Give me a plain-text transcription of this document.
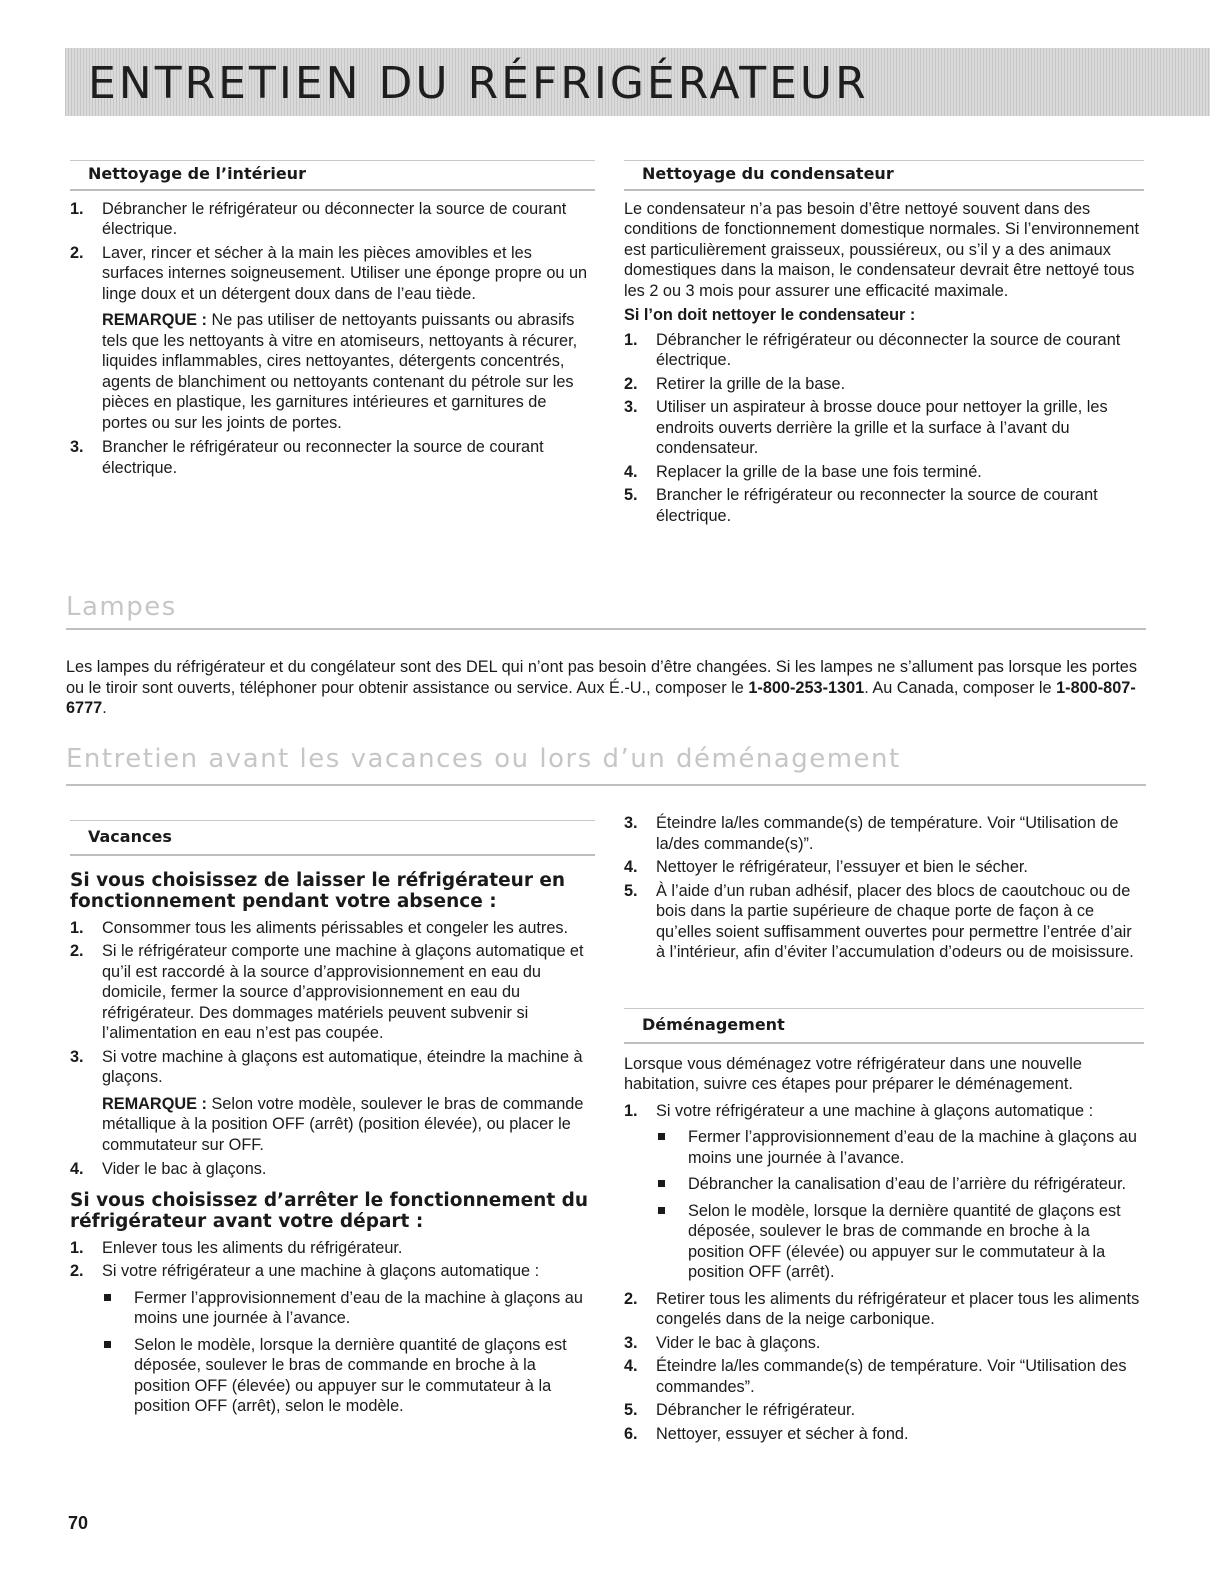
ENTRETIEN DU RÉFRIGÉRATEUR
Nettoyage de l’intérieur
1. Débrancher le réfrigérateur ou déconnecter la source de courant électrique.
2. Laver, rincer et sécher à la main les pièces amovibles et les surfaces internes soigneusement. Utiliser une éponge propre ou un linge doux et un détergent doux dans de l’eau tiède.

REMARQUE : Ne pas utiliser de nettoyants puissants ou abrasifs tels que les nettoyants à vitre en atomiseurs, nettoyants à récurer, liquides inflammables, cires nettoyantes, détergents concentrés, agents de blanchiment ou nettoyants contenant du pétrole sur les pièces en plastique, les garnitures intérieures et garnitures de portes ou sur les joints de portes.

3. Brancher le réfrigérateur ou reconnecter la source de courant électrique.
Nettoyage du condensateur

Le condensateur n’a pas besoin d’être nettoyé souvent dans des conditions de fonctionnement domestique normales. Si l’environnement est particulièrement graisseux, poussiéreux, ou s’il y a des animaux domestiques dans la maison, le condensateur devrait être nettoyé tous les 2 ou 3 mois pour assurer une efficacité maximale.

Si l’on doit nettoyer le condensateur :

1. Débrancher le réfrigérateur ou déconnecter la source de courant électrique.
2. Retirer la grille de la base.
3. Utiliser un aspirateur à brosse douce pour nettoyer la grille, les endroits ouverts derrière la grille et la surface à l’avant du condensateur.
4. Replacer la grille de la base une fois terminé.
5. Brancher le réfrigérateur ou reconnecter la source de courant électrique.
Lampes
Les lampes du réfrigérateur et du congélateur sont des DEL qui n’ont pas besoin d’être changées. Si les lampes ne s’allument pas lorsque les portes ou le tiroir sont ouverts, téléphoner pour obtenir assistance ou service. Aux É.-U., composer le 1-800-253-1301. Au Canada, composer le 1-800-807-6777.
Entretien avant les vacances ou lors d’un déménagement
Vacances
Si vous choisissez de laisser le réfrigérateur en fonctionnement pendant votre absence :
1. Consommer tous les aliments périssables et congeler les autres.
2. Si le réfrigérateur comporte une machine à glaçons automatique et qu’il est raccordé à la source d’approvisionnement en eau du domicile, fermer la source d’approvisionnement en eau du réfrigérateur. Des dommages matériels peuvent subvenir si l’alimentation en eau n’est pas coupée.
3. Si votre machine à glaçons est automatique, éteindre la machine à glaçons.

REMARQUE : Selon votre modèle, soulever le bras de commande métallique à la position OFF (arrêt) (position élevée), ou placer le commutateur sur OFF.

4. Vider le bac à glaçons.
Si vous choisissez d’arrêter le fonctionnement du réfrigérateur avant votre départ :
1. Enlever tous les aliments du réfrigérateur.
2. Si votre réfrigérateur a une machine à glaçons automatique :
Fermer l’approvisionnement d’eau de la machine à glaçons au moins une journée à l’avance.
Selon le modèle, lorsque la dernière quantité de glaçons est déposée, soulever le bras de commande en broche à la position OFF (élevée) ou appuyer sur le commutateur à la position OFF (arrêt), selon le modèle.
3. Éteindre la/les commande(s) de température. Voir “Utilisation de la/des commande(s)”.
4. Nettoyer le réfrigérateur, l’essuyer et bien le sécher.
5. À l’aide d’un ruban adhésif, placer des blocs de caoutchouc ou de bois dans la partie supérieure de chaque porte de façon à ce qu’elles soient suffisamment ouvertes pour permettre l’entrée d’air à l’intérieur, afin d’éviter l’accumulation d’odeurs ou de moisissure.
Déménagement

Lorsque vous déménagez votre réfrigérateur dans une nouvelle habitation, suivre ces étapes pour préparer le déménagement.

1. Si votre réfrigérateur a une machine à glaçons automatique :
Fermer l’approvisionnement d’eau de la machine à glaçons au moins une journée à l’avance.
Débrancher la canalisation d’eau de l’arrière du réfrigérateur.
Selon le modèle, lorsque la dernière quantité de glaçons est déposée, soulever le bras de commande en broche à la position OFF (élevée) ou appuyer sur le commutateur à la position OFF (arrêt).
2. Retirer tous les aliments du réfrigérateur et placer tous les aliments congelés dans de la neige carbonique.
3. Vider le bac à glaçons.
4. Éteindre la/les commande(s) de température. Voir “Utilisation des commandes”.
5. Débrancher le réfrigérateur.
6. Nettoyer, essuyer et sécher à fond.
70
